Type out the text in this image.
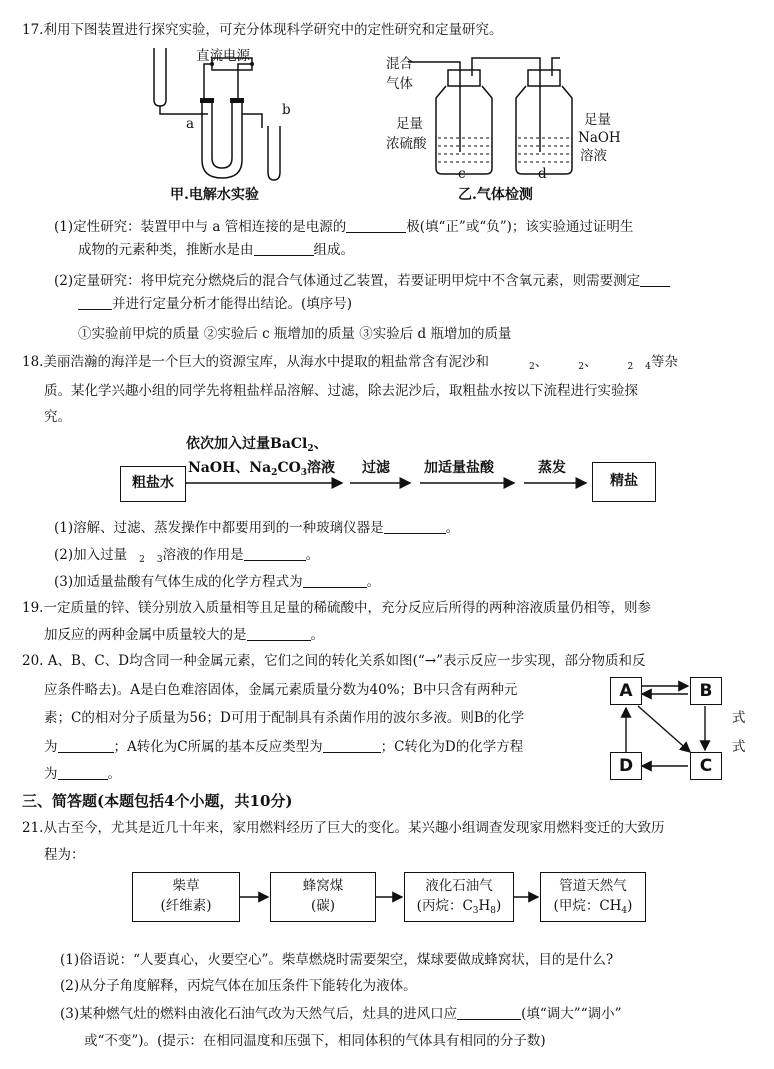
17.利用下图装置进行探究实验，可充分体现科学研究中的定性研究和定量研究。
直流电源
a
b
甲.电解水实验
混合
气体
足量
浓硫酸
足量
NaOH
溶液
c	d
乙.气体检测
(1)定性研究：装置甲中与 a 管相连接的是电源的	极(填“正”或“负”)；该实验通过证明生
成物的元素种类，推断水是由	组成。
(2)定量研究：将甲烷充分燃烧后的混合气体通过乙装置，若要证明甲烷中不含氧元素，则需要测定
并进行定量分析才能得出结论。(填序号)
①实验前甲烷的质量 ②实验后 c 瓶增加的质量 ③实验后 d 瓶增加的质量
18.美丽浩瀚的海洋是一个巨大的资源宝库，从海水中提取的粗盐常含有泥沙和	$_2$、	$_2$、	$_2$ $_4$等杂
质。某化学兴趣小组的同学先将粗盐样品溶解、过滤，除去泥沙后，取粗盐水按以下流程进行实验探
究。
粗盐水
依次加入过量BaCl$_2$、
NaOH、$Na_2CO_3$溶液 过滤 加适量盐酸	蒸发
精盐
(1)溶解、过滤、蒸发操作中都要用到的一种玻璃仪器是	。
(2)加入过量 $_2$ $_3$溶液的作用是	。
(3)加适量盐酸有气体生成的化学方程式为	。
19.一定质量的锌、镁分别放入质量相等且足量的稀硫酸中，充分反应后所得的两种溶液质量仍相等，则参
加反应的两种金属中质量较大的是	。
20. A、B、C、D均含同一种金属元素，它们之间的转化关系如图(“→”表示反应一步实现，部分物质和反
应条件略去)。A是白色难溶固体，金属元素质量分数为40%；B中只含有两种元
素；C的相对分子质量为56；D可用于配制具有杀菌作用的波尔多液。则B的化学	式
为	；A转化为C所属的基本反应类型为	；C转化为D的化学方程	式
为	。
A	B
D	C
三、简答题(本题包括4个小题，共10分)
21.从古至今，尤其是近几十年来，家用燃料经历了巨大的变化。某兴趣小组调查发现家用燃料变迁的大致历
程为：
柴草
(纤维素)
蜂窝煤
(碳)
液化石油气
(丙烷：$C_3H_8$)
管道天然气
(甲烷：$CH_4$)
(1)俗语说：“人要真心，火要空心”。柴草燃烧时需要架空，煤球要做成蜂窝状，目的是什么?
(2)从分子角度解释，丙烷气体在加压条件下能转化为液体。
(3)某种燃气灶的燃料由液化石油气改为天然气后，灶具的进风口应	(填“调大”“调小”
或“不变”)。(提示：在相同温度和压强下，相同体积的气体具有相同的分子数)
